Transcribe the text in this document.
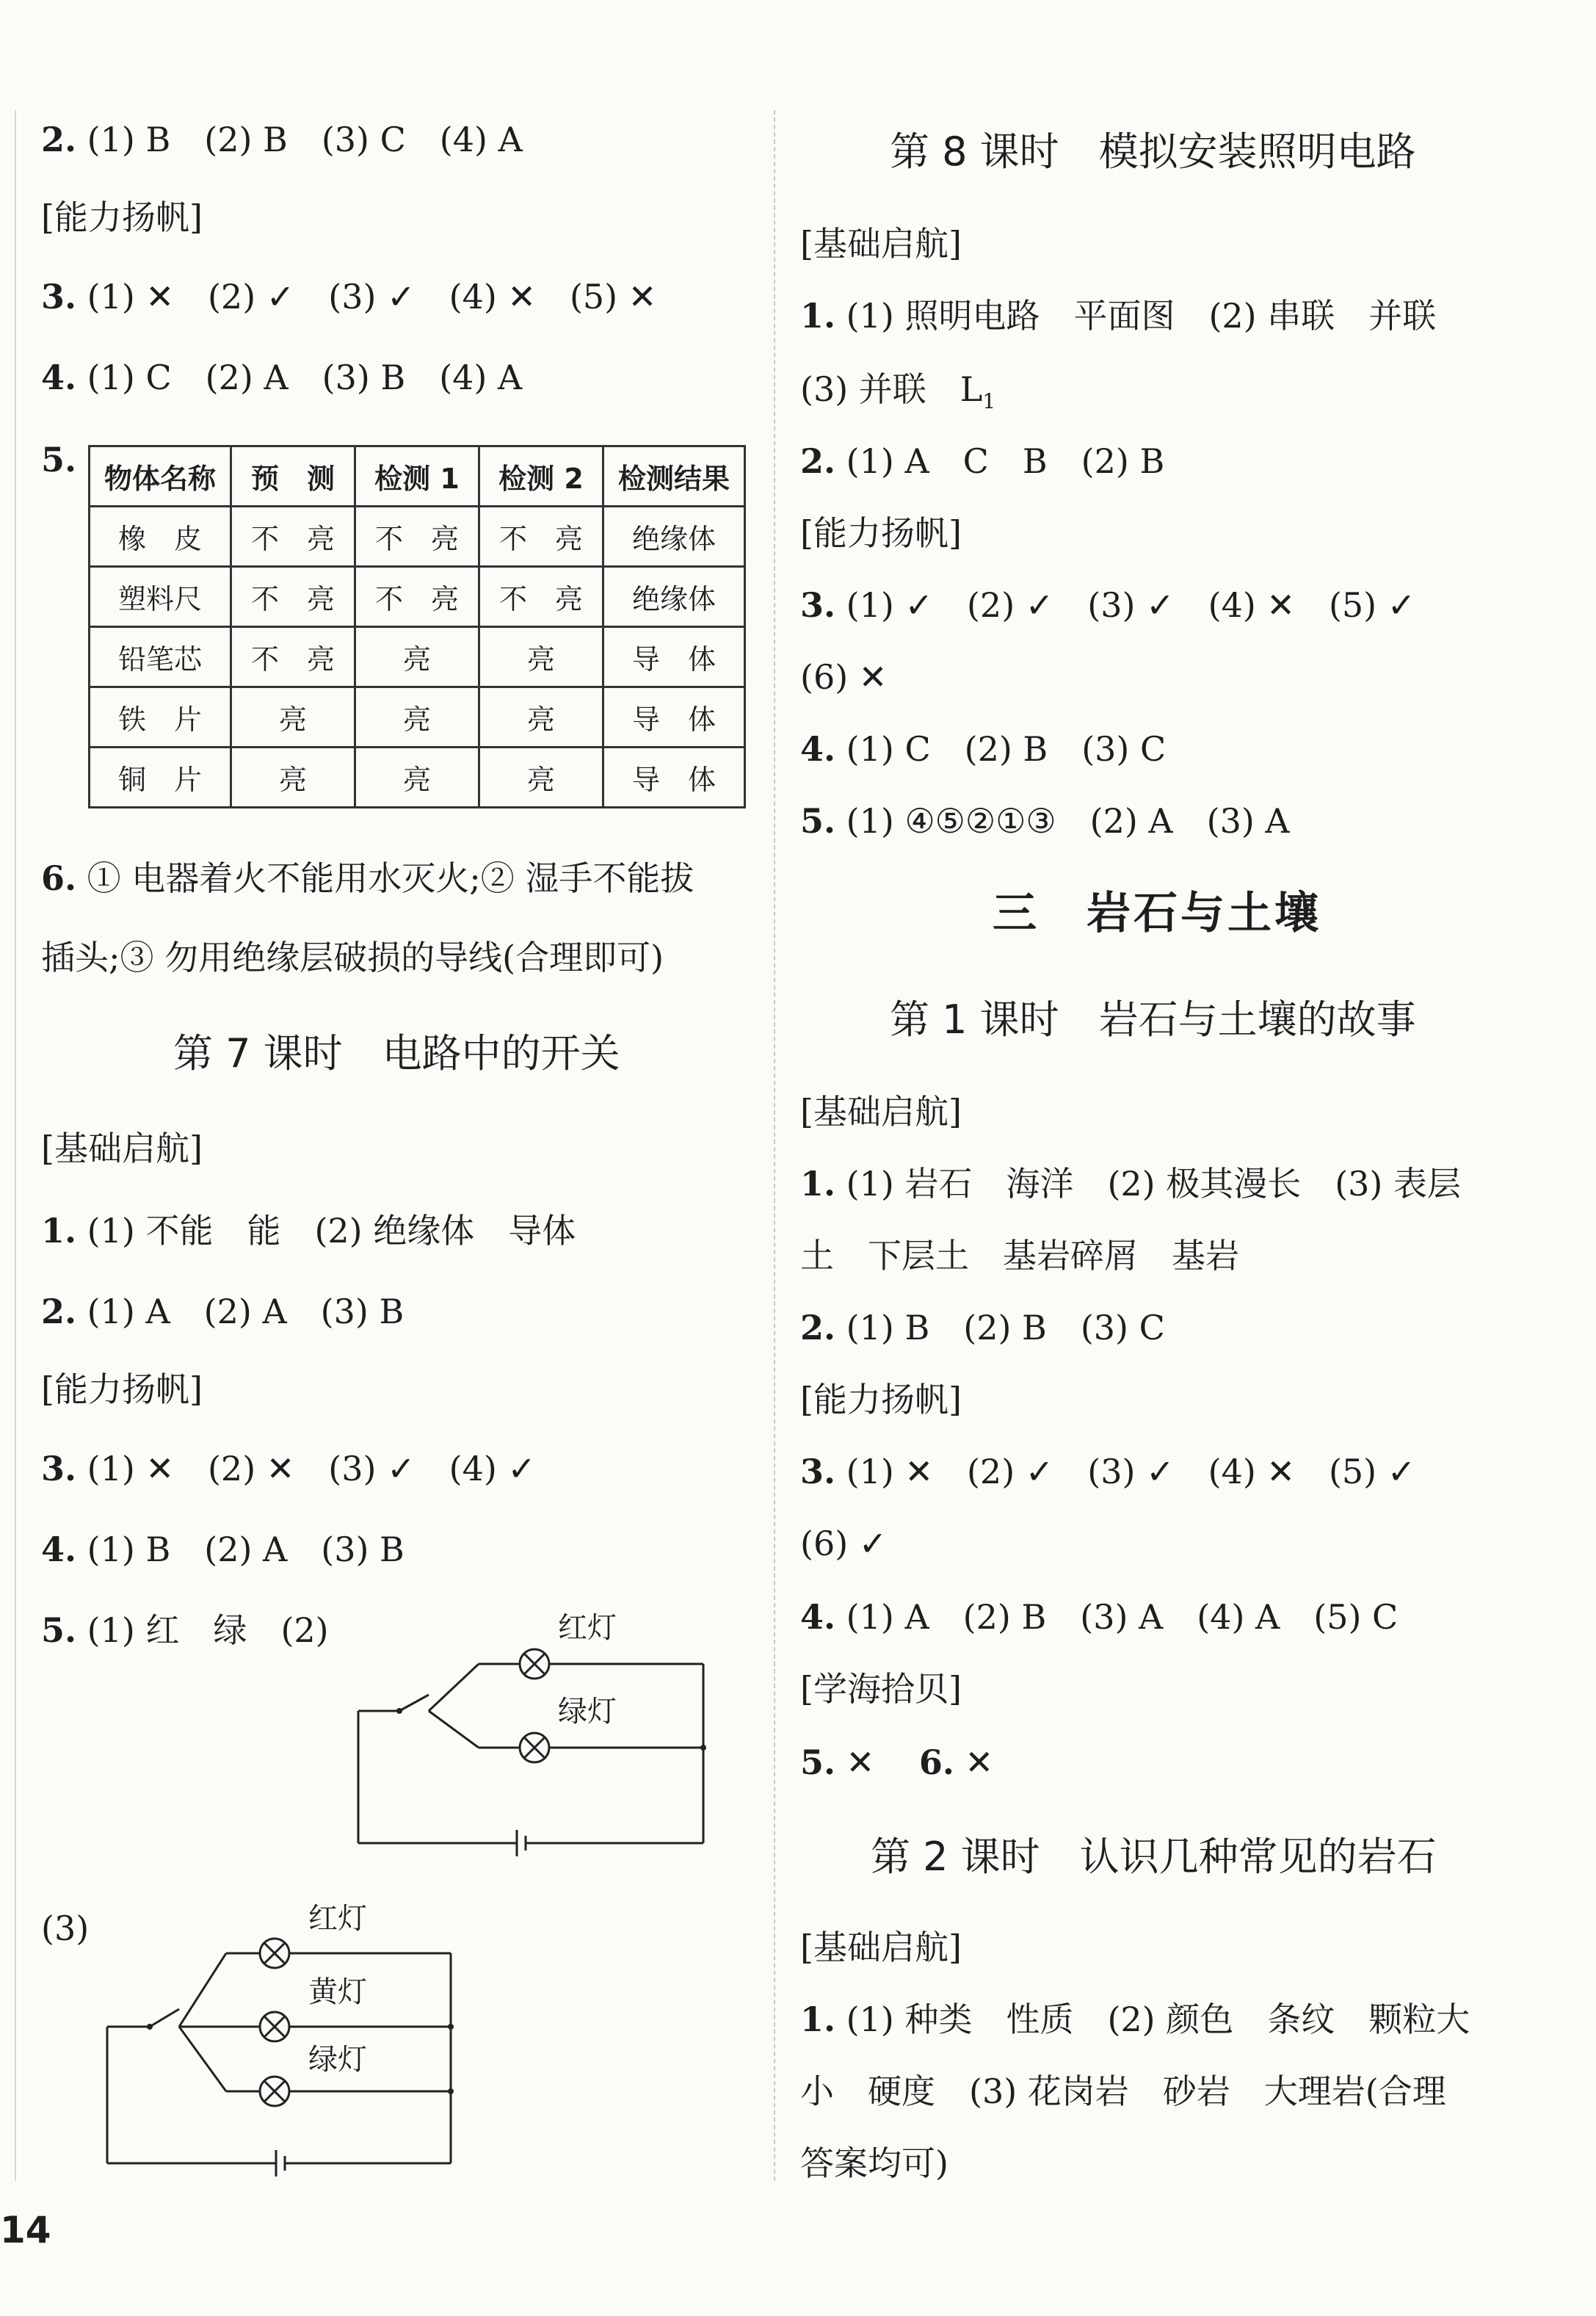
2. (1) B　(2) B　(3) C　(4) A
[能力扬帆]
3. (1) ✕　(2) ✓　(3) ✓　(4) ✕　(5) ✕
4. (1) C　(2) A　(3) B　(4) A
5. 物体名称	预　测	检测 1	检测 2	检测结果
橡　皮	不　亮	不　亮	不　亮	绝缘体
塑料尺	不　亮	不　亮	不　亮	绝缘体
铅笔芯	不　亮	亮	亮	导　体
铁　片	亮	亮	亮	导　体
铜　片	亮	亮	亮	导　体
6. ① 电器着火不能用水灭火;② 湿手不能拔
插头;③ 勿用绝缘层破损的导线(合理即可)
第 7 课时　电路中的开关
[基础启航]
1. (1) 不能　能　(2) 绝缘体　导体
2. (1) A　(2) A　(3) B
[能力扬帆]
3. (1) ✕　(2) ✕　(3) ✓　(4) ✓
4. (1) B　(2) A　(3) B
5. (1) 红　绿　(2)	红灯
绿灯
(3)	红灯
黄灯
绿灯
第 8 课时　模拟安装照明电路
[基础启航]
1. (1) 照明电路　平面图　(2) 串联　并联
(3) 并联　$L_1$
2. (1) A　C　B　(2) B
[能力扬帆]
3. (1) ✓　(2) ✓　(3) ✓　(4) ✕　(5) ✓
(6) ✕
4. (1) C　(2) B　(3) C
5. (1) ④⑤②①③　(2) A　(3) A
三　岩石与土壤
第 1 课时　岩石与土壤的故事
[基础启航]
1. (1) 岩石　海洋　(2) 极其漫长　(3) 表层
土　下层土　基岩碎屑　基岩
2. (1) B　(2) B　(3) C
[能力扬帆]
3. (1) ✕　(2) ✓　(3) ✓　(4) ✕　(5) ✓
(6) ✓
4. (1) A　(2) B　(3) A　(4) A　(5) C
[学海拾贝]
5. ✕　 6. ✕
第 2 课时　认识几种常见的岩石
[基础启航]
1. (1) 种类　性质　(2) 颜色　条纹　颗粒大
小　硬度　(3) 花岗岩　砂岩　大理岩(合理
答案均可)
14
